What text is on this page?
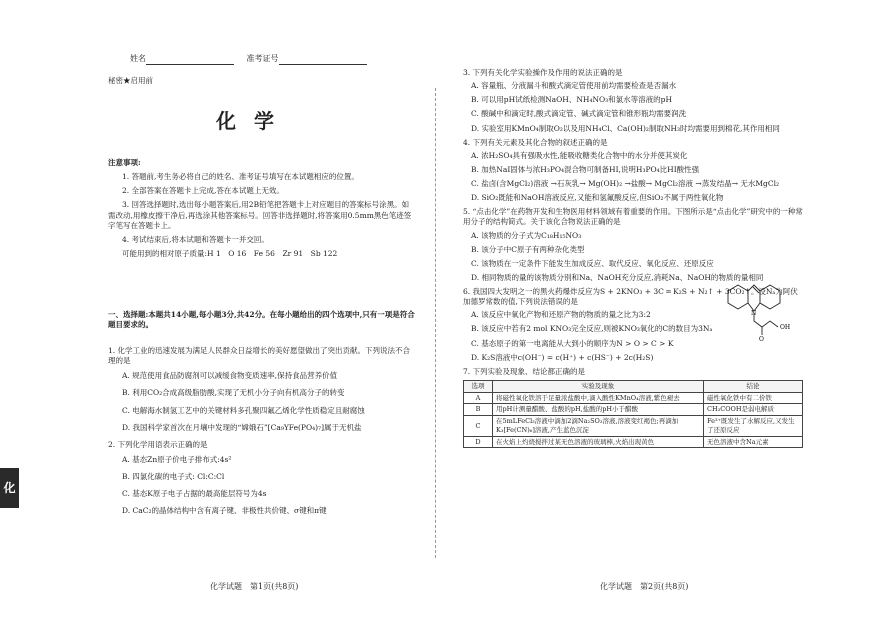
姓名	准考证号
秘密★启用前
化学
注意事项:

1. 答题前,考生务必将自己的姓名、准考证号填写在本试题相应的位置。

2. 全部答案在答题卡上完成,答在本试题上无效。

3. 回答选择题时,选出每小题答案后,用2B铅笔把答题卡上对应题目的答案标号涂黑。如需改动,用橡皮擦干净后,再选涂其他答案标号。回答非选择题时,将答案用0.5mm黑色笔迹签字笔写在答题卡上。

4. 考试结束后,将本试题和答题卡一并交回。

可能用到的相对原子质量:H 1　O 16　Fe 56　Zr 91　Sb 122

一、选择题:本题共14小题,每小题3分,共42分。在每小题给出的四个选项中,只有一项是符合题目要求的。
1. 化学工业的迅速发展为满足人民群众日益增长的美好愿望做出了突出贡献。下列说法不合理的是
A. 规范使用食品防腐剂可以减缓食物变质速率,保持食品营养价值
B. 利用CO₂合成高级脂肪酸,实现了无机小分子向有机高分子的转变
C. 电解海水制氢工艺中的关键材料多孔聚四氟乙烯化学性质稳定且耐腐蚀
D. 我国科学家首次在月壤中发现的“嫦娥石”[Ca₉YFe(PO₄)₇]属于无机盐
2. 下列化学用语表示正确的是
A. 基态Zn原子价电子排布式:4s²
B. 四氯化碳的电子式: Cl:C:Cl
C. 基态K原子电子占据的最高能层符号为4s
D. CaC₂的晶体结构中含有离子键、非极性共价键、σ键和π键
3. 下列有关化学实验操作及作用的说法正确的是
A. 容量瓶、分液漏斗和酸式滴定管使用前均需要检查是否漏水
B. 可以用pH试纸检测NaOH、NH₄NO₃和氯水等溶液的pH
C. 酸碱中和滴定时,酸式滴定管、碱式滴定管和锥形瓶均需要润洗
D. 实验室用KMnO₄制取O₂以及用NH₄Cl、Ca(OH)₂制取NH₃时均需要用到棉花,其作用相同
4. 下列有关元素及其化合物的叙述正确的是
A. 浓H₂SO₄具有强吸水性,能吸收糖类化合物中的水分并使其炭化
B. 加热NaI固体与浓H₃PO₄混合物可制备HI,说明H₃PO₄比HI酸性强
C. 盐卤(含MgCl₂)溶液 →石灰乳→ Mg(OH)₂ →盐酸→ MgCl₂溶液 →蒸发结晶→ 无水MgCl₂
D. SiO₂既能和NaOH溶液反应,又能和氢氟酸反应,但SiO₂不属于两性氧化物
5. “点击化学”在药物开发和生物医用材料领域有着重要的作用。下图所示是“点击化学”研究中的一种常用分子的结构简式。关于该化合物说法正确的是
A. 该物质的分子式为C₁₈H₁₅NO₃
B. 该分子中C原子有两种杂化类型
C. 该物质在一定条件下能发生加成反应、取代反应、氧化反应、还原反应
D. 相同物质的量的该物质分别和Na、NaOH充分反应,消耗Na、NaOH的物质的量相同
6. 我国四大发明之一的黑火药爆炸反应为S + 2KNO₃ + 3C ═ K₂S + N₂↑ + 3CO₂↑。设Nₐ为阿伏加德罗常数的值,下列说法错误的是
A. 该反应中氧化产物和还原产物的物质的量之比为3:2
B. 该反应中若有2 mol KNO₃完全反应,则被KNO₃氧化的C的数目为3Nₐ
C. 基态原子的第一电离能从大到小的顺序为N > O > C > K
D. K₂S溶液中c(OH⁻) = c(H⁺) + c(HS⁻) + 2c(H₂S)
7. 下列实验及现象、结论都正确的是
选项	实验及现象	结论
A	将磁性氧化铁溶于足量浓盐酸中,滴入酸性KMnO₄溶液,紫色褪去	磁性氧化铁中有二价铁
B	用pH计测量醋酸、盐酸的pH,盐酸的pH小于醋酸	CH₃COOH是弱电解质
C	在5mLFeCl₃溶液中滴加2滴Na₂SO₃溶液,溶液变红褐色;再滴加K₃[Fe(CN)₆]溶液,产生蓝色沉淀	Fe³⁺既发生了水解反应,又发生了还原反应
D	在火焰上灼烧搅拌过某无色溶液的玻璃棒,火焰出现黄色	无色溶液中含Na元素
N
O
OH
化
化学试题　第1页(共8页)	化学试题　第2页(共8页)
